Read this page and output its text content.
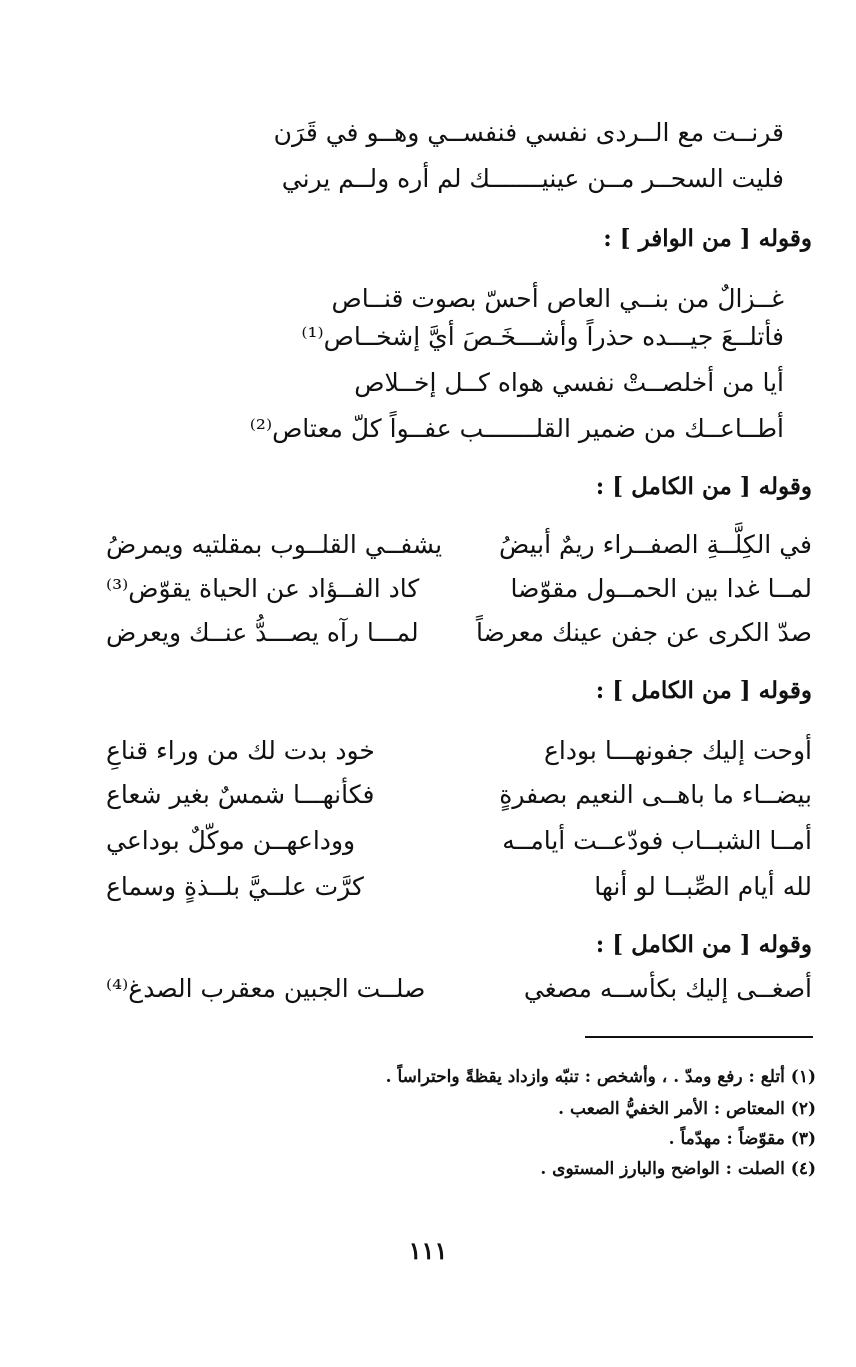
قرنــت مع الــردى نفسي فنفســي وهــو في قَرَن
فليت السحــر مــن عينيـــــــك لم أره ولــم يرني
وقوله [ من الوافر ] :
غــزالٌ من بنــي العاص أحسّ بصوت قنــاص
فأتلــعَ جيـــده حذراً وأشـــخَـصَ أيَّ إشخــاص⁽¹⁾
أيا من أخلصــتْ نفسي هواه كــل إخــلاص
أطــاعــك من ضمير القلـــــــب عفــواً كلّ معتاص⁽²⁾
وقوله [ من الكامل ] :
في الكِلَّــةِ الصفــراء ريمٌ أبيضُ
يشفــي القلــوب بمقلتيه ويمرضُ
لمــا غدا بين الحمــول مقوّضا
كاد الفــؤاد عن الحياة يقوّض⁽³⁾
صدّ الكرى عن جفن عينك معرضاً
لمـــا رآه يصـــدُّ عنــك ويعرض
وقوله [ من الكامل ] :
أوحت إليك جفونهـــا بوداع
خود بدت لك من وراء قناعِ
بيضــاء ما باهــى النعيم بصفرةٍ
فكأنهـــا شمسٌ بغير شعاع
أمــا الشبــاب فودّعــت أيامــه
ووداعهــن موكّلٌ بوداعي
لله أيام الصِّبــا لو أنها
كرَّت علــيَّ بلــذةٍ وسماع
وقوله [ من الكامل ] :
أصغــى إليك بكأســه مصغي
صلــت الجبين معقرب الصدغ⁽⁴⁾
(١) أتلع : رفع ومدّ . ، وأشخص : تنبّه وازداد يقظةً واحتراساً .
(٢) المعتاص : الأمر الخفيُّ الصعب .
(٣) مقوّضاً : مهدّماً .
(٤) الصلت : الواضح والبارز المستوى .
١١١
